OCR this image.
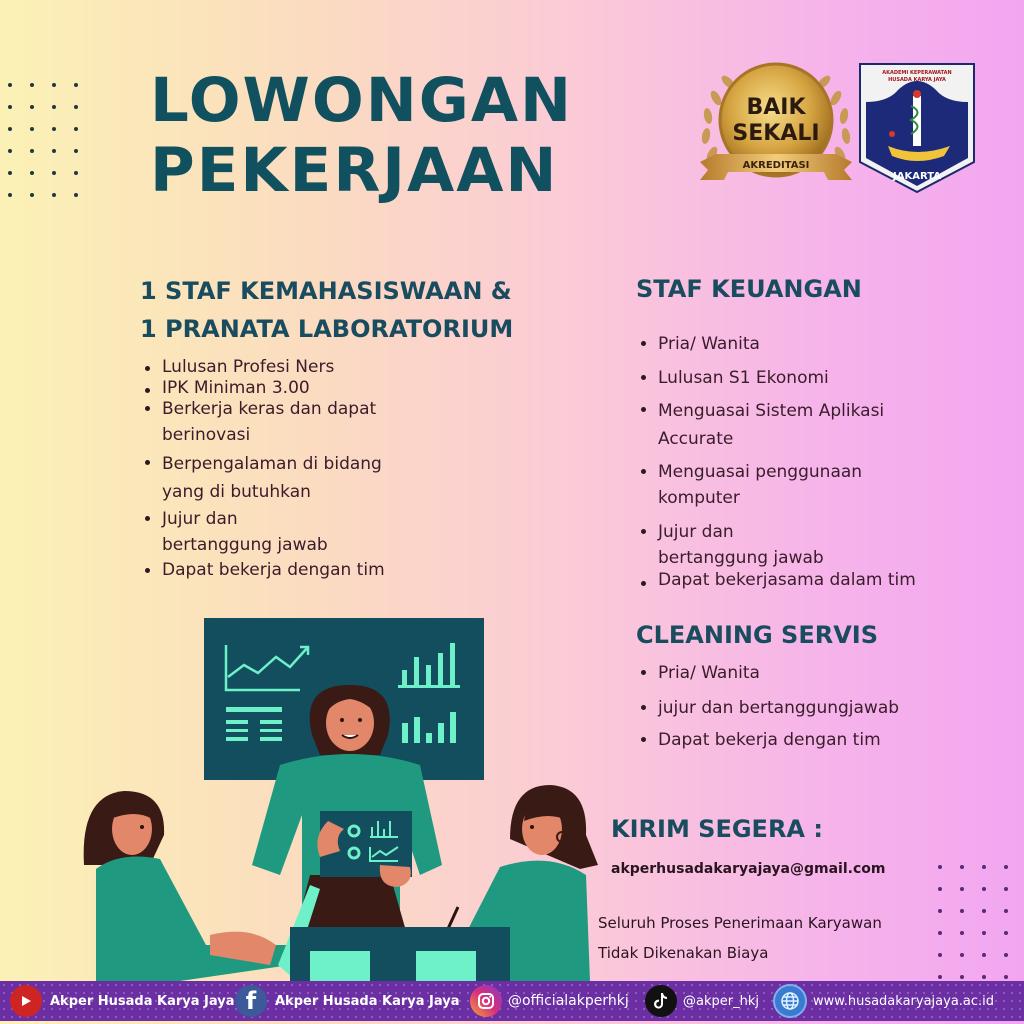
LOWONGAN
PEKERJAAN
BAIK
SEKALI
AKREDITASI
AKADEMI KEPERAWATAN
HUSADA KARYA JAYA
JAKARTA
1 STAF KEMAHASISWAAN &
1 PRANATA LABORATORIUM
Lulusan Profesi Ners
IPK Miniman 3.00
Berkerja keras dan dapat
berinovasi
Berpengalaman di bidang
yang di butuhkan
Jujur dan
bertanggung jawab
Dapat bekerja dengan tim
STAF KEUANGAN
Pria/ Wanita
Lulusan S1 Ekonomi
Menguasai Sistem Aplikasi
Accurate
Menguasai penggunaan
komputer
Jujur dan
bertanggung jawab
Dapat bekerjasama dalam tim
CLEANING SERVIS
Pria/ Wanita
jujur dan bertanggungjawab
Dapat bekerja dengan tim
KIRIM SEGERA :
akperhusadakaryajaya@gmail.com
Seluruh Proses Penerimaan Karyawan
Tidak Dikenakan Biaya
Akper Husada Karya Jaya f	Akper Husada Karya Jaya	@officialakperhkj	@akper_hkj	www.husadakaryajaya.ac.id
